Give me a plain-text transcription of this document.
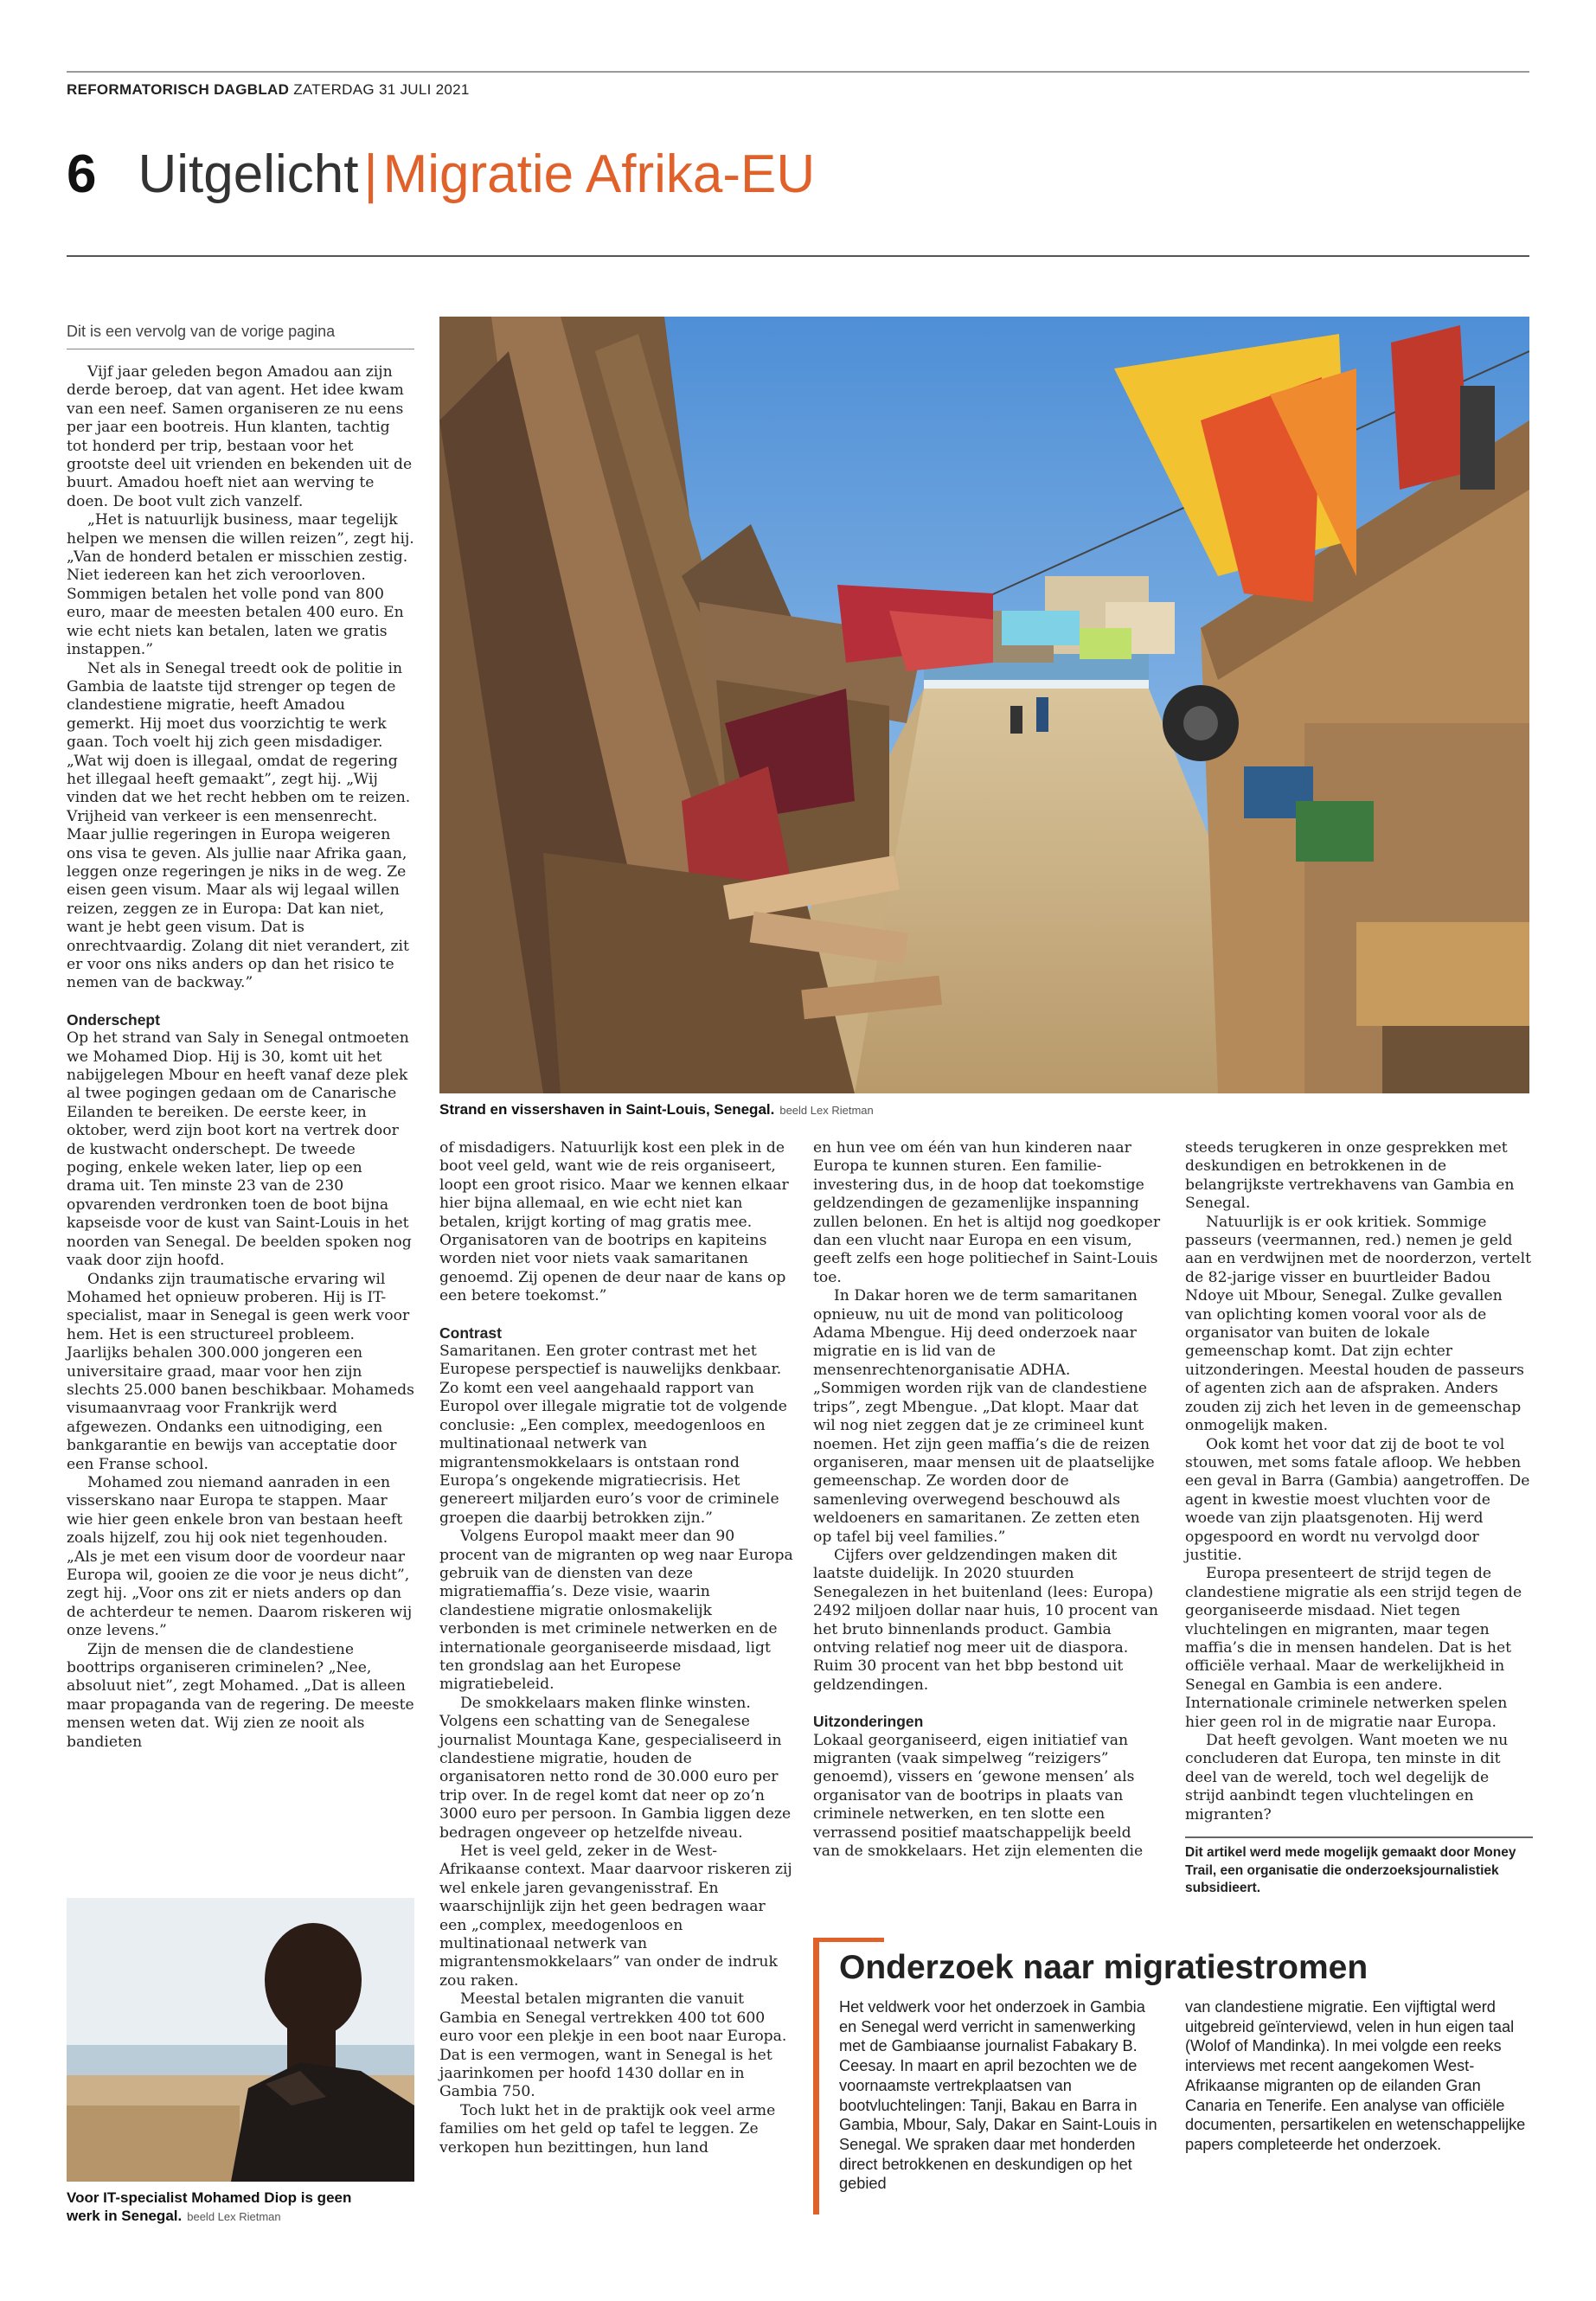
REFORMATORISCH DAGBLAD ZATERDAG 31 JULI 2021
6 Uitgelicht|Migratie Afrika-EU
Dit is een vervolg van de vorige pagina

Vijf jaar geleden begon Amadou aan zijn derde beroep, dat van agent. Het idee kwam van een neef. Samen organiseren ze nu eens per jaar een bootreis. Hun klanten, tachtig tot honderd per trip, bestaan voor het grootste deel uit vrienden en bekenden uit de buurt. Amadou hoeft niet aan werving te doen. De boot vult zich vanzelf.

„Het is natuurlijk business, maar tegelijk helpen we mensen die willen reizen”, zegt hij. „Van de honderd betalen er misschien zestig. Niet iedereen kan het zich veroorloven. Sommigen betalen het volle pond van 800 euro, maar de meesten betalen 400 euro. En wie echt niets kan betalen, laten we gratis instappen.”

Net als in Senegal treedt ook de politie in Gambia de laatste tijd strenger op tegen de clandestiene migratie, heeft Amadou gemerkt. Hij moet dus voorzichtig te werk gaan. Toch voelt hij zich geen misdadiger. „Wat wij doen is illegaal, omdat de regering het illegaal heeft gemaakt”, zegt hij. „Wij vinden dat we het recht hebben om te reizen. Vrijheid van verkeer is een mensenrecht. Maar jullie regeringen in Europa weigeren ons visa te geven. Als jullie naar Afrika gaan, leggen onze regeringen je niks in de weg. Ze eisen geen visum. Maar als wij legaal willen reizen, zeggen ze in Europa: Dat kan niet, want je hebt geen visum. Dat is onrechtvaardig. Zolang dit niet verandert, zit er voor ons niks anders op dan het risico te nemen van de backway.”

Onderschept

Op het strand van Saly in Senegal ontmoeten we Mohamed Diop. Hij is 30, komt uit het nabijgelegen Mbour en heeft vanaf deze plek al twee pogingen gedaan om de Canarische Eilanden te bereiken. De eerste keer, in oktober, werd zijn boot kort na vertrek door de kustwacht onderschept. De tweede poging, enkele weken later, liep op een drama uit. Ten minste 23 van de 230 opvarenden verdronken toen de boot bijna kapseisde voor de kust van Saint-Louis in het noorden van Senegal. De beelden spoken nog vaak door zijn hoofd.

Ondanks zijn traumatische ervaring wil Mohamed het opnieuw proberen. Hij is IT-specialist, maar in Senegal is geen werk voor hem. Het is een structureel probleem. Jaarlijks behalen 300.000 jongeren een universitaire graad, maar voor hen zijn slechts 25.000 banen beschikbaar. Mohameds visumaanvraag voor Frankrijk werd afgewezen. Ondanks een uitnodiging, een bankgarantie en bewijs van acceptatie door een Franse school.

Mohamed zou niemand aanraden in een visserskano naar Europa te stappen. Maar wie hier geen enkele bron van bestaan heeft zoals hijzelf, zou hij ook niet tegenhouden. „Als je met een visum door de voordeur naar Europa wil, gooien ze die voor je neus dicht”, zegt hij. „Voor ons zit er niets anders op dan de achterdeur te nemen. Daarom riskeren wij onze levens.”

Zijn de mensen die de clandestiene boottrips organiseren criminelen? „Nee, absoluut niet”, zegt Mohamed. „Dat is alleen maar propaganda van de regering. De meeste mensen weten dat. Wij zien ze nooit als bandieten

Strand en vissershaven in Saint-Louis, Senegal. beeld Lex Rietman

of misdadigers. Natuurlijk kost een plek in de boot veel geld, want wie de reis organiseert, loopt een groot risico. Maar we kennen elkaar hier bijna allemaal, en wie echt niet kan betalen, krijgt korting of mag gratis mee. Organisatoren van de bootrips en kapiteins worden niet voor niets vaak samaritanen genoemd. Zij openen de deur naar de kans op een betere toekomst.”

Contrast

Samaritanen. Een groter contrast met het Europese perspectief is nauwelijks denkbaar. Zo komt een veel aangehaald rapport van Europol over illegale migratie tot de volgende conclusie: „Een complex, meedogenloos en multinationaal netwerk van migrantensmokkelaars is ontstaan rond Europa’s ongekende migratiecrisis. Het genereert miljarden euro’s voor de criminele groepen die daarbij betrokken zijn.”

Volgens Europol maakt meer dan 90 procent van de migranten op weg naar Europa gebruik van de diensten van deze migratiemaffia’s. Deze visie, waarin clandestiene migratie onlosmakelijk verbonden is met criminele netwerken en de internationale georganiseerde misdaad, ligt ten grondslag aan het Europese migratiebeleid.

De smokkelaars maken flinke winsten. Volgens een schatting van de Senegalese journalist Mountaga Kane, gespecialiseerd in clandestiene migratie, houden de organisatoren netto rond de 30.000 euro per trip over. In de regel komt dat neer op zo’n 3000 euro per persoon. In Gambia liggen deze bedragen ongeveer op hetzelfde niveau.

Het is veel geld, zeker in de West-Afrikaanse context. Maar daarvoor riskeren zij wel enkele jaren gevangenisstraf. En waarschijnlijk zijn het geen bedragen waar een „complex, meedogenloos en multinationaal netwerk van migrantensmokkelaars” van onder de indruk zou raken.

Meestal betalen migranten die vanuit Gambia en Senegal vertrekken 400 tot 600 euro voor een plekje in een boot naar Europa. Dat is een vermogen, want in Senegal is het jaarinkomen per hoofd 1430 dollar en in Gambia 750.

Toch lukt het in de praktijk ook veel arme families om het geld op tafel te leggen. Ze verkopen hun bezittingen, hun land

en hun vee om één van hun kinderen naar Europa te kunnen sturen. Een familie-investering dus, in de hoop dat toekomstige geldzendingen de gezamenlijke inspanning zullen belonen. En het is altijd nog goedkoper dan een vlucht naar Europa en een visum, geeft zelfs een hoge politiechef in Saint-Louis toe.

In Dakar horen we de term samaritanen opnieuw, nu uit de mond van politicoloog Adama Mbengue. Hij deed onderzoek naar migratie en is lid van de mensenrechtenorganisatie ADHA. „Sommigen worden rijk van de clandestiene trips”, zegt Mbengue. „Dat klopt. Maar dat wil nog niet zeggen dat je ze crimineel kunt noemen. Het zijn geen maffia’s die de reizen organiseren, maar mensen uit de plaatselijke gemeenschap. Ze worden door de samenleving overwegend beschouwd als weldoeners en samaritanen. Ze zetten eten op tafel bij veel families.”

Cijfers over geldzendingen maken dit laatste duidelijk. In 2020 stuurden Senegalezen in het buitenland (lees: Europa) 2492 miljoen dollar naar huis, 10 procent van het bruto binnenlands product. Gambia ontving relatief nog meer uit de diaspora. Ruim 30 procent van het bbp bestond uit geldzendingen.

Uitzonderingen

Lokaal georganiseerd, eigen initiatief van migranten (vaak simpelweg “reizigers” genoemd), vissers en ‘gewone mensen’ als organisator van de bootrips in plaats van criminele netwerken, en ten slotte een verrassend positief maatschappelijk beeld van de smokkelaars. Het zijn elementen die

steeds terugkeren in onze gesprekken met deskundigen en betrokkenen in de belangrijkste vertrekhavens van Gambia en Senegal.

Natuurlijk is er ook kritiek. Sommige passeurs (veermannen, red.) nemen je geld aan en verdwijnen met de noorderzon, vertelt de 82-jarige visser en buurtleider Badou Ndoye uit Mbour, Senegal. Zulke gevallen van oplichting komen vooral voor als de organisator van buiten de lokale gemeenschap komt. Dat zijn echter uitzonderingen. Meestal houden de passeurs of agenten zich aan de afspraken. Anders zouden zij zich het leven in de gemeenschap onmogelijk maken.

Ook komt het voor dat zij de boot te vol stouwen, met soms fatale afloop. We hebben een geval in Barra (Gambia) aangetroffen. De agent in kwestie moest vluchten voor de woede van zijn plaatsgenoten. Hij werd opgespoord en wordt nu vervolgd door justitie.

Europa presenteert de strijd tegen de clandestiene migratie als een strijd tegen de georganiseerde misdaad. Niet tegen vluchtelingen en migranten, maar tegen maffia’s die in mensen handelen. Dat is het officiële verhaal. Maar de werkelijkheid in Senegal en Gambia is een andere. Internationale criminele netwerken spelen hier geen rol in de migratie naar Europa.

Dat heeft gevolgen. Want moeten we nu concluderen dat Europa, ten minste in dit deel van de wereld, toch wel degelijk de strijd aanbindt tegen vluchtelingen en migranten?

Dit artikel werd mede mogelijk gemaakt door Money Trail, een organisatie die onderzoeksjournalistiek subsidieert.
Voor IT-specialist Mohamed Diop is geen
werk in Senegal. beeld Lex Rietman
Onderzoek naar migratiestromen

Het veldwerk voor het onderzoek in Gambia en Senegal werd verricht in samenwerking met de Gambiaanse journalist Fabakary B. Ceesay. In maart en april bezochten we de voornaamste vertrekplaatsen van bootvluchtelingen: Tanji, Bakau en Barra in Gambia, Mbour, Saly, Dakar en Saint-Louis in Senegal. We spraken daar met honderden direct betrokkenen en deskundigen op het gebied

van clandestiene migratie. Een vijftigtal werd uitgebreid geïnterviewd, velen in hun eigen taal (Wolof of Mandinka). In mei volgde een reeks interviews met recent aangekomen West-Afrikaanse migranten op de eilanden Gran Canaria en Tenerife. Een analyse van officiële documenten, persartikelen en wetenschappelijke papers completeerde het onderzoek.
